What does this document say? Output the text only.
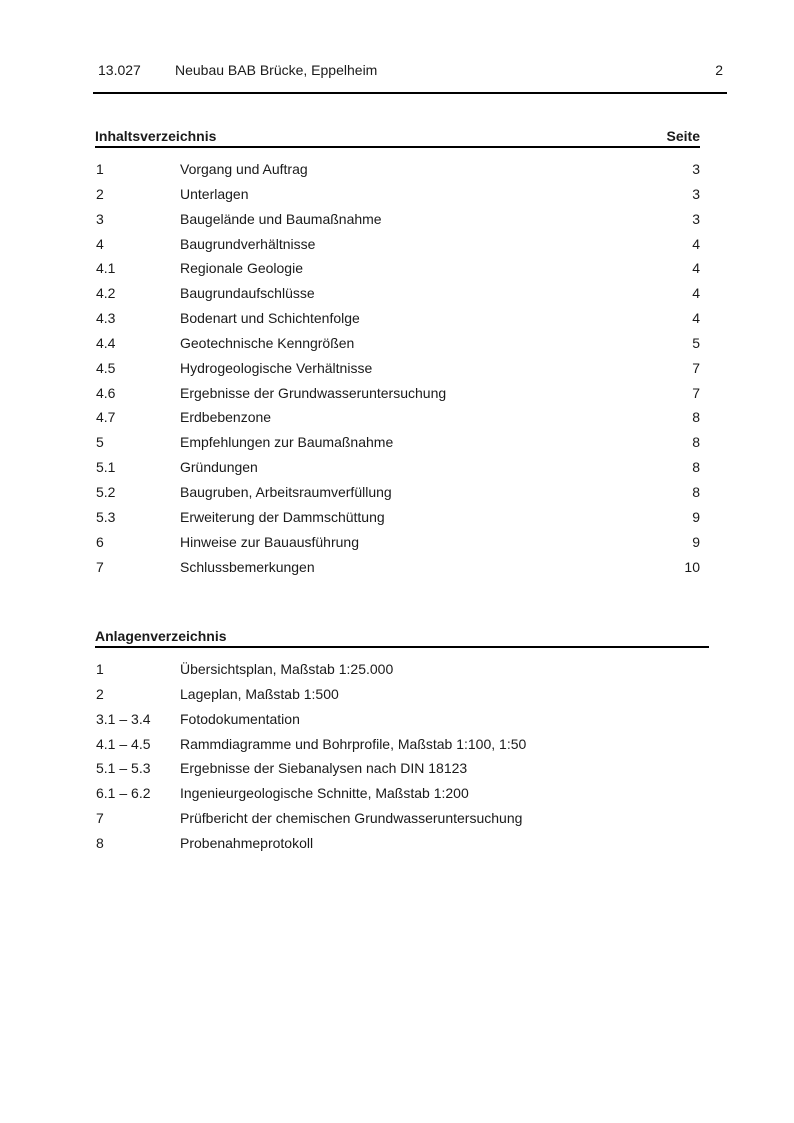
13.027 Neubau BAB Brücke, Eppelheim	2
Inhaltsverzeichnis	Seite
1	Vorgang und Auftrag	3
2	Unterlagen	3
3	Baugelände und Baumaßnahme	3
4	Baugrundverhältnisse	4
4.1	Regionale Geologie	4
4.2	Baugrundaufschlüsse	4
4.3	Bodenart und Schichtenfolge	4
4.4	Geotechnische Kenngrößen	5
4.5	Hydrogeologische Verhältnisse	7
4.6	Ergebnisse der Grundwasseruntersuchung	7
4.7	Erdbebenzone	8
5	Empfehlungen zur Baumaßnahme	8
5.1	Gründungen	8
5.2	Baugruben, Arbeitsraumverfüllung	8
5.3	Erweiterung der Dammschüttung	9
6	Hinweise zur Bauausführung	9
7	Schlussbemerkungen	10
Anlagenverzeichnis
1	Übersichtsplan, Maßstab 1:25.000
2	Lageplan, Maßstab 1:500
3.1 – 3.4 Fotodokumentation
4.1 – 4.5 Rammdiagramme und Bohrprofile, Maßstab 1:100, 1:50
5.1 – 5.3 Ergebnisse der Siebanalysen nach DIN 18123
6.1 – 6.2 Ingenieurgeologische Schnitte, Maßstab 1:200
7	Prüfbericht der chemischen Grundwasseruntersuchung
8	Probenahmeprotokoll
